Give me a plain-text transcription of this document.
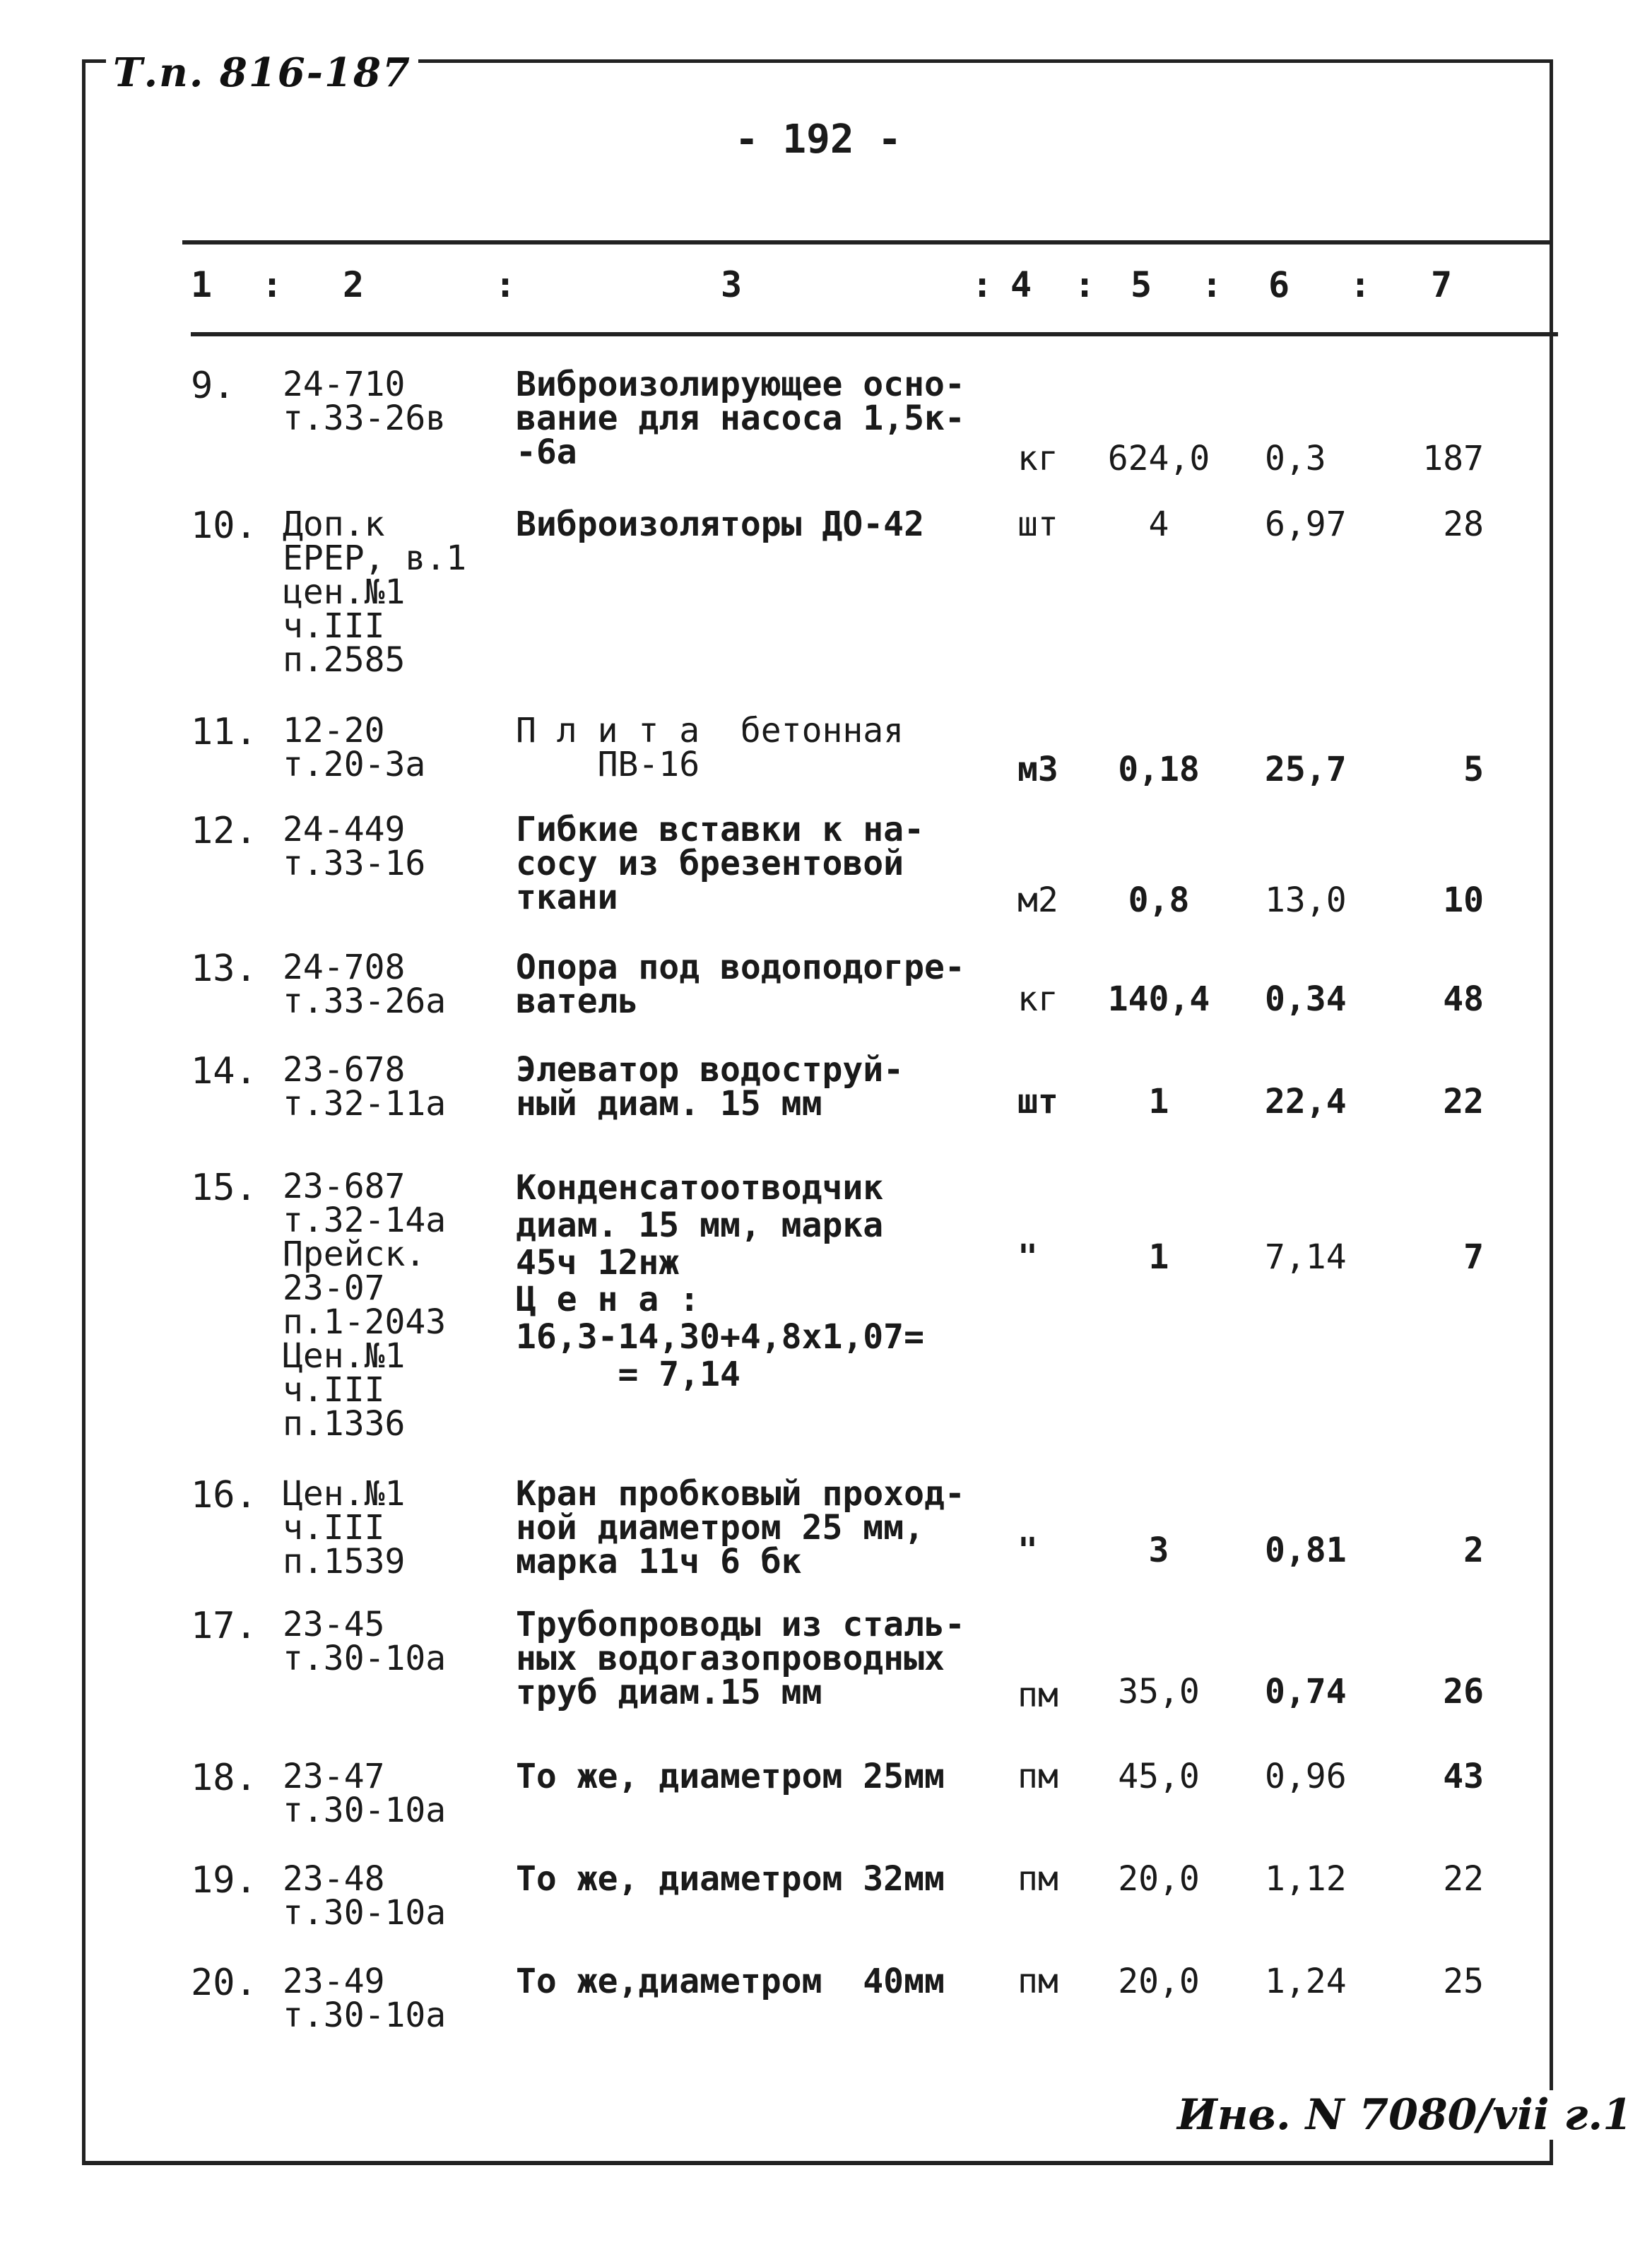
Т.п. 816-187
- 192 -
1 : 2	:	3	: 4 : 5 : 6 : 7
9. 24-710
т.33-26в
Виброизолирующее осно-
вание для насоса 1,5к-
-6а	кг	624,0	0,3	187
10. Доп.к
ЕРЕР, в.1
цен.№1
ч.III
п.2585
Виброизоляторы ДО-42	шт	4	6,97	28
11. 12-20
т.20-3а
П л и т а  бетонная
ПВ-16	м3	0,18	25,7	5
12. 24-449
т.33-16
Гибкие вставки к на-
сосу из брезентовой
ткани	м2	0,8	13,0	10
13. 24-708
т.33-26а
Опора под водоподогре-
ватель	кг	140,4	0,34	48
14. 23-678
т.32-11а
Элеватор водоструй-
ный диам. 15 мм	шт	1	22,4	22
15. 23-687
т.32-14а
Прейск.
23-07
п.1-2043
Цен.№1
ч.III
п.1336
Конденсатоотводчик
диам. 15 мм, марка
45ч 12нж
Ц е н а :
16,3-14,30+4,8x1,07=
= 7,14
"	1	7,14	7
16. Цен.№1
ч.III
п.1539
Кран пробковый проход-
ной диаметром 25 мм,
марка 11ч 6 бк	"	3	0,81	2
17. 23-45
т.30-10а
Трубопроводы из сталь-
ных водогазопроводных
труб диам.15 мм	пм	35,0	0,74	26
18. 23-47
т.30-10а
То же, диаметром 25мм пм	45,0	0,96	43
19. 23-48
т.30-10а
То же, диаметром 32мм пм	20,0	1,12	22
20. 23-49
т.30-10а
То же,диаметром  40мм пм	20,0	1,24	25
Инв. N 7080/vii г.1
